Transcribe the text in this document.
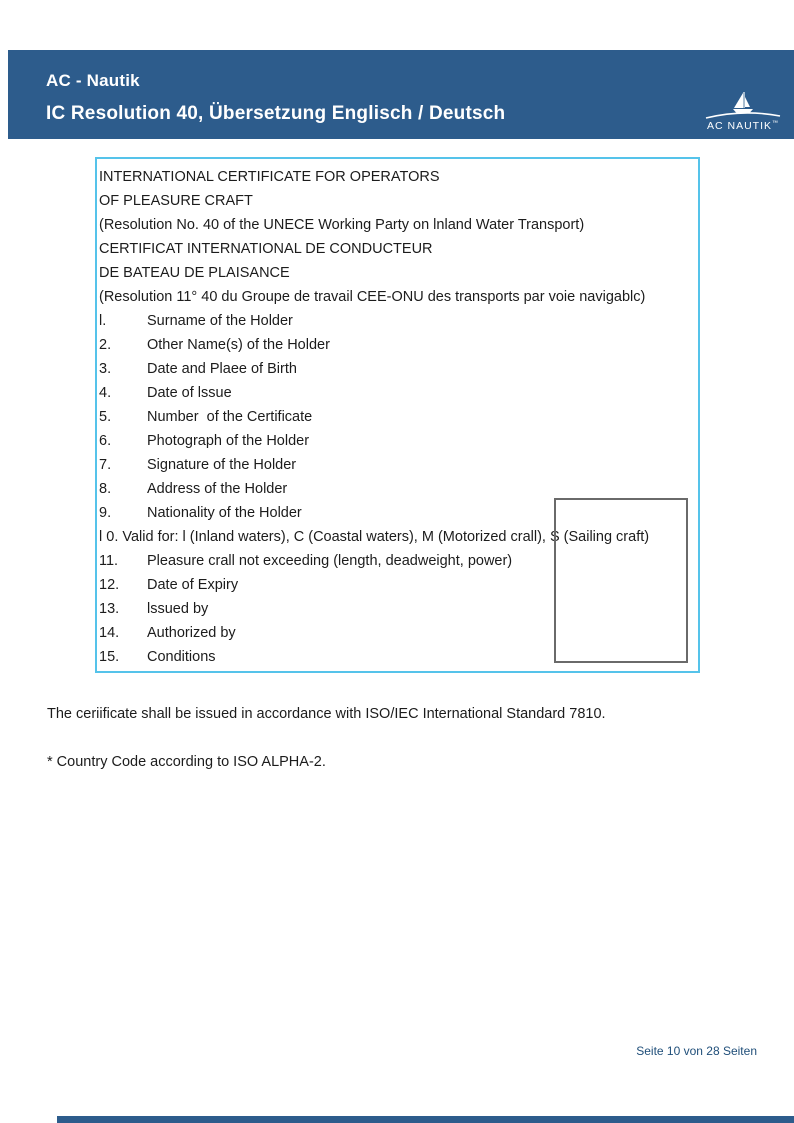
AC - Nautik
IC Resolution 40, Übersetzung Englisch / Deutsch
AC NAUTIK™
INTERNATIONAL CERTIFICATE FOR OPERATORS
OF PLEASURE CRAFT
(Resolution No. 40 of the UNECE Working Party on lnland Water Transport)
CERTIFICAT INTERNATIONAL DE CONDUCTEUR
DE BATEAU DE PLAISANCE
(Resolution 11° 40 du Groupe de travail CEE-ONU des transports par voie navigablc)
l.	Surname of the Holder
2. Other Name(s) of the Holder
3. Date and Plaee of Birth
4. Date of lssue
5. Number  of the Certificate
6. Photograph of the Holder
7. Signature of the Holder
8. Address of the Holder
9. Nationality of the Holder
l 0. Valid for: l (Inland waters), C (Coastal waters), M (Motorized crall), S (Sailing craft)
11. Pleasure crall not exceeding (length, deadweight, power)
12. Date of Expiry
13. lssued by
14. Authorized by
15. Conditions
The ceriificate shall be issued in accordance with ISO/IEC International Standard 7810.
* Country Code according to ISO ALPHA-2.
Seite 10 von 28 Seiten
